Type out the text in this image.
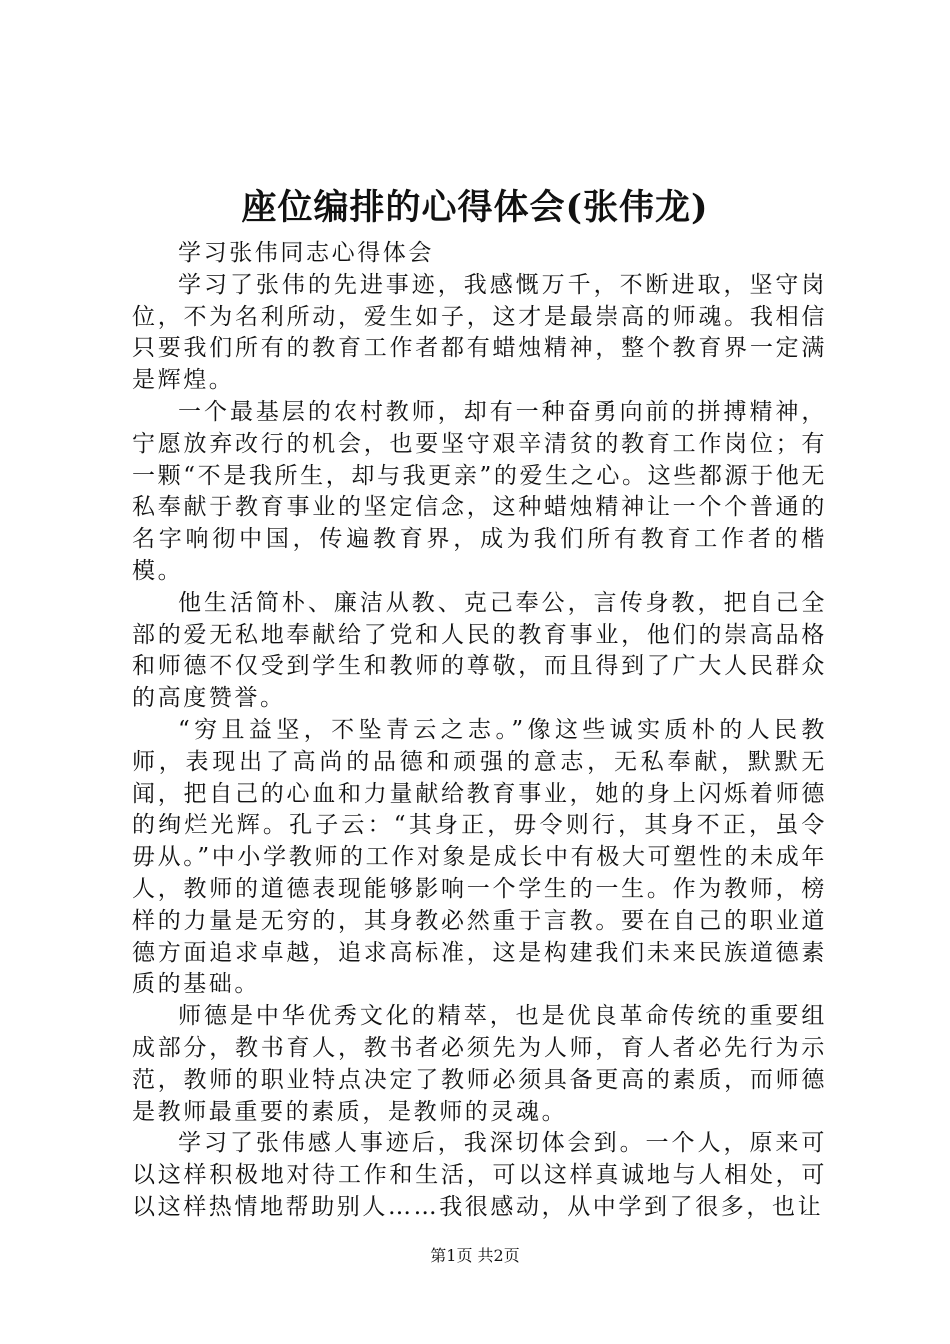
座位编排的心得体会(张伟龙)

学习张伟同志心得体会

学习了张伟的先进事迹，我感慨万千，不断进取，坚守岗位，不为名利所动，爱生如子，这才是最崇高的师魂。我相信只要我们所有的教育工作者都有蜡烛精神，整个教育界一定满是辉煌。

一个最基层的农村教师，却有一种奋勇向前的拼搏精神，宁愿放弃改行的机会，也要坚守艰辛清贫的教育工作岗位；有一颗“不是我所生，却与我更亲”的爱生之心。这些都源于他无私奉献于教育事业的坚定信念，这种蜡烛精神让一个个普通的名字响彻中国，传遍教育界，成为我们所有教育工作者的楷模。

他生活简朴、廉洁从教、克己奉公，言传身教，把自己全部的爱无私地奉献给了党和人民的教育事业，他们的崇高品格和师德不仅受到学生和教师的尊敬，而且得到了广大人民群众的高度赞誉。

“穷且益坚，不坠青云之志。”像这些诚实质朴的人民教师，表现出了高尚的品德和顽强的意志，无私奉献，默默无闻，把自己的心血和力量献给教育事业，她的身上闪烁着师德的绚烂光辉。孔子云：“其身正，毋令则行，其身不正，虽令毋从。”中小学教师的工作对象是成长中有极大可塑性的未成年人，教师的道德表现能够影响一个学生的一生。作为教师，榜样的力量是无穷的，其身教必然重于言教。要在自己的职业道德方面追求卓越，追求高标准，这是构建我们未来民族道德素质的基础。

师德是中华优秀文化的精萃，也是优良革命传统的重要组成部分，教书育人，教书者必须先为人师，育人者必先行为示范，教师的职业特点决定了教师必须具备更高的素质，而师德是教师最重要的素质，是教师的灵魂。

学习了张伟感人事迹后，我深切体会到。一个人，原来可以这样积极地对待工作和生活，可以这样真诚地与人相处，可以这样热情地帮助别人……我很感动，从中学到了很多，也让

第1页 共2页
